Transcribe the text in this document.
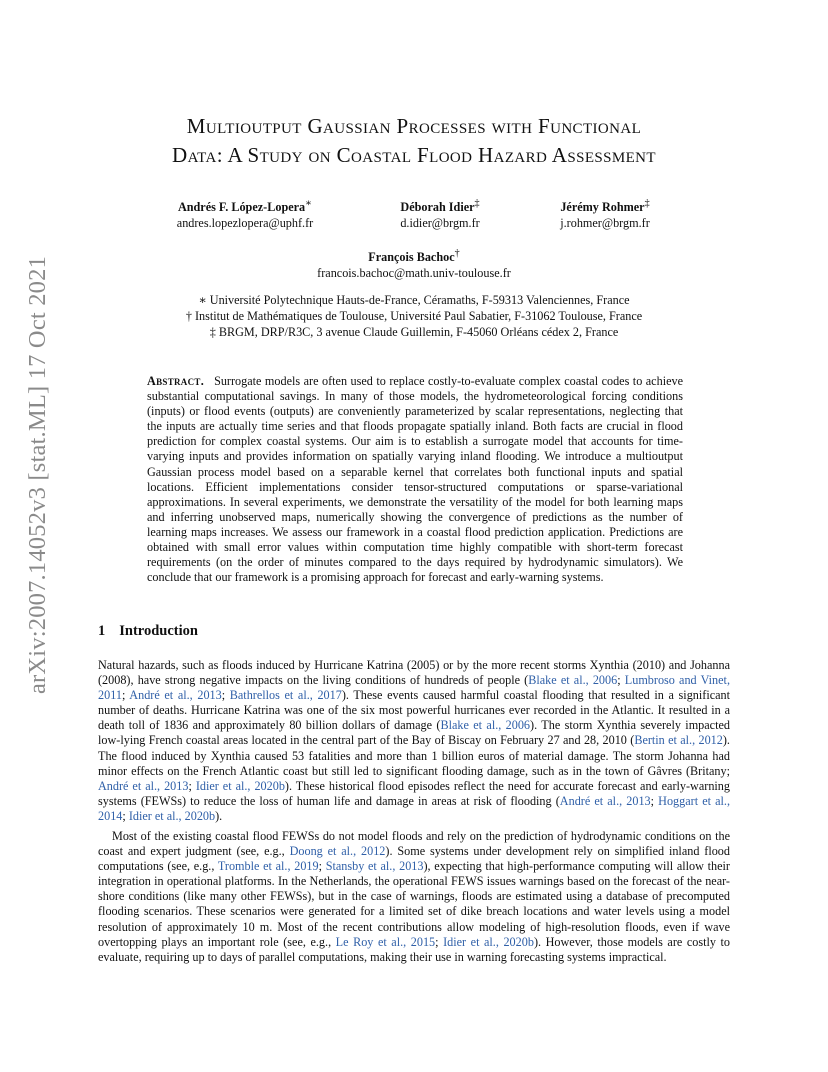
arXiv:2007.14052v3 [stat.ML] 17 Oct 2021
Multioutput Gaussian Processes with Functional
Data: A Study on Coastal Flood Hazard Assessment
Andrés F. López-Lopera∗
andres.lopezlopera@uphf.fr
Déborah Idier‡
d.idier@brgm.fr
Jérémy Rohmer‡
j.rohmer@brgm.fr
François Bachoc†
francois.bachoc@math.univ-toulouse.fr
∗ Université Polytechnique Hauts-de-France, Céramaths, F-59313 Valenciennes, France
† Institut de Mathématiques de Toulouse, Université Paul Sabatier, F-31062 Toulouse, France
‡ BRGM, DRP/R3C, 3 avenue Claude Guillemin, F-45060 Orléans cédex 2, France
Abstract. Surrogate models are often used to replace costly-to-evaluate complex coastal codes to achieve substantial computational savings. In many of those models, the hydrometeorological forcing conditions (inputs) or flood events (outputs) are conveniently parameterized by scalar representations, neglecting that the inputs are actually time series and that floods propagate spatially inland. Both facts are crucial in flood prediction for complex coastal systems. Our aim is to establish a surrogate model that accounts for time-varying inputs and provides information on spatially varying inland flooding. We introduce a multioutput Gaussian process model based on a separable kernel that correlates both functional inputs and spatial locations. Efficient implementations consider tensor-structured computations or sparse-variational approximations. In several experiments, we demonstrate the versatility of the model for both learning maps and inferring unobserved maps, numerically showing the convergence of predictions as the number of learning maps increases. We assess our framework in a coastal flood prediction application. Predictions are obtained with small error values within computation time highly compatible with short-term forecast requirements (on the order of minutes compared to the days required by hydrodynamic simulators). We conclude that our framework is a promising approach for forecast and early-warning systems.
1 Introduction
Natural hazards, such as floods induced by Hurricane Katrina (2005) or by the more recent storms Xynthia (2010) and Johanna (2008), have strong negative impacts on the living conditions of hundreds of people (Blake et al., 2006; Lumbroso and Vinet, 2011; André et al., 2013; Bathrellos et al., 2017). These events caused harmful coastal flooding that resulted in a significant number of deaths. Hurricane Katrina was one of the six most powerful hurricanes ever recorded in the Atlantic. It resulted in a death toll of 1836 and approximately 80 billion dollars of damage (Blake et al., 2006). The storm Xynthia severely impacted low-lying French coastal areas located in the central part of the Bay of Biscay on February 27 and 28, 2010 (Bertin et al., 2012). The flood induced by Xynthia caused 53 fatalities and more than 1 billion euros of material damage. The storm Johanna had minor effects on the French Atlantic coast but still led to significant flooding damage, such as in the town of Gâvres (Britany; André et al., 2013; Idier et al., 2020b). These historical flood episodes reflect the need for accurate forecast and early-warning systems (FEWSs) to reduce the loss of human life and damage in areas at risk of flooding (André et al., 2013; Hoggart et al., 2014; Idier et al., 2020b).
Most of the existing coastal flood FEWSs do not model floods and rely on the prediction of hydrodynamic conditions on the coast and expert judgment (see, e.g., Doong et al., 2012). Some systems under development rely on simplified inland flood computations (see, e.g., Tromble et al., 2019; Stansby et al., 2013), expecting that high-performance computing will allow their integration in operational platforms. In the Netherlands, the operational FEWS issues warnings based on the forecast of the near-shore conditions (like many other FEWSs), but in the case of warnings, floods are estimated using a database of precomputed flooding scenarios. These scenarios were generated for a limited set of dike breach locations and water levels using a model resolution of approximately 10 m. Most of the recent contributions allow modeling of high-resolution floods, even if wave overtopping plays an important role (see, e.g., Le Roy et al., 2015; Idier et al., 2020b). However, those models are costly to evaluate, requiring up to days of parallel computations, making their use in warning forecasting systems impractical.
